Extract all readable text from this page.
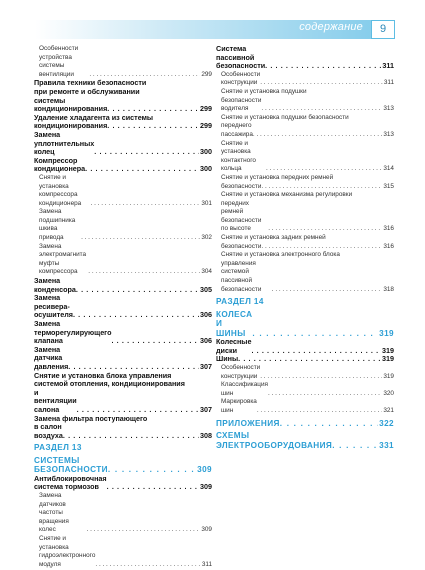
содержание	9
Особенности устройства системы вентиляции . . .	299
Правила техники безопасности
при ремонте и обслуживании
системы кондиционирования . . .	299
Удаление хладагента из системы
кондиционирования . . .	299
Замена уплотнительных колец . . .	300
Компрессор кондиционера . . .	300
Снятие и установка компрессора кондиционера . . .	301
Замена подшипника шкива привода . . .	302
Замена электромагнита муфты компрессора . . .	304
Замена конденсора . . .	305
Замена ресивера-осушителя . . .	306
Замена терморегулирующего клапана . . .	306
Замена датчика давления . . .	307
Снятие и установка блока управления
системой отопления, кондиционирования
и вентиляции салона . . .	307
Замена фильтра поступающего
в салон воздуха . . .	308
РАЗДЕЛ 13
СИСТЕМЫ БЕЗОПАСНОСТИ . . .	309
Антиблокировочная система тормозов . . .	309
Замена датчиков частоты вращения колес . . .	309
Снятие и установка гидроэлектронного модуля . . .	311
Система пассивной безопасности . . .	311
Особенности конструкции . . .	311
Снятие и установка подушки
безопасности водителя . . .	313
Снятие и установка подушки безопасности
переднего пассажира . . .	313
Снятие и установка контактного кольца . . .	314
Снятие и установка передних ремней
безопасности . . .	315
Снятие и установка механизма регулировки
передних ремней безопасности по высоте . . .	316
Снятие и установка задних ремней
безопасности . . .	316
Снятие и установка электронного блока
управления системой пассивной безопасности . . .	318
РАЗДЕЛ 14
КОЛЕСА И ШИНЫ . . .	319
Колесные диски . . .	319
Шины . . .	319
Особенности конструкции . . .	319
Классификация шин . . .	320
Маркировка шин . . .	321
ПРИЛОЖЕНИЯ . . .	322
СХЕМЫ ЭЛЕКТРООБОРУДОВАНИЯ . . .	331
